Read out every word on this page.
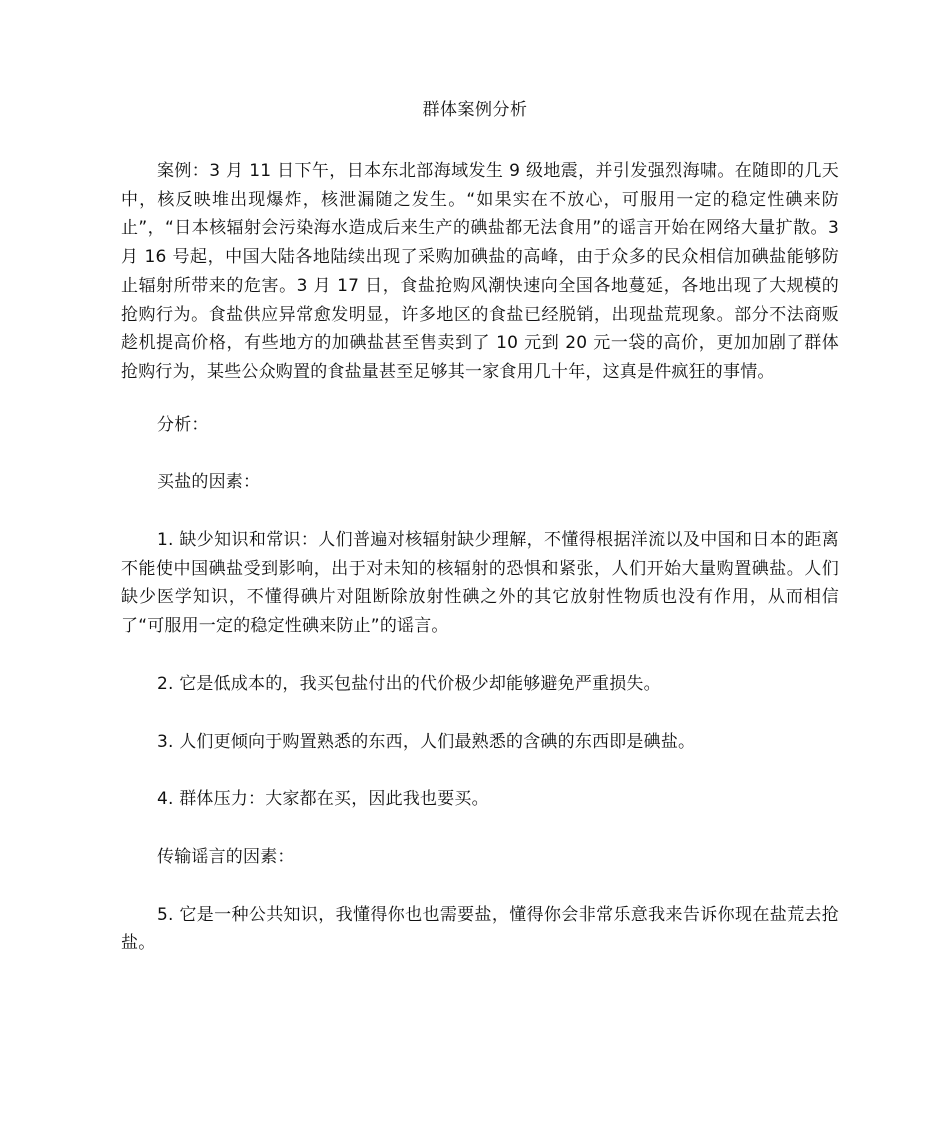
群体案例分析

案例：3 月 11 日下午，日本东北部海域发生 9 级地震，并引发强烈海啸。在随即的几天中，核反映堆出现爆炸，核泄漏随之发生。“如果实在不放心，可服用一定的稳定性碘来防止”，“日本核辐射会污染海水造成后来生产的碘盐都无法食用”的谣言开始在网络大量扩散。3 月 16 号起，中国大陆各地陆续出现了采购加碘盐的高峰，由于众多的民众相信加碘盐能够防止辐射所带来的危害。3 月 17 日，食盐抢购风潮快速向全国各地蔓延，各地出现了大规模的抢购行为。食盐供应异常愈发明显，许多地区的食盐已经脱销，出现盐荒现象。部分不法商贩趁机提高价格，有些地方的加碘盐甚至售卖到了 10 元到 20 元一袋的高价，更加加剧了群体抢购行为，某些公众购置的食盐量甚至足够其一家食用几十年，这真是件疯狂的事情。

分析：

买盐的因素：

1. 缺少知识和常识：人们普遍对核辐射缺少理解，不懂得根据洋流以及中国和日本的距离不能使中国碘盐受到影响，出于对未知的核辐射的恐惧和紧张，人们开始大量购置碘盐。人们缺少医学知识，不懂得碘片对阻断除放射性碘之外的其它放射性物质也没有作用，从而相信了“可服用一定的稳定性碘来防止”的谣言。

2. 它是低成本的，我买包盐付出的代价极少却能够避免严重损失。

3. 人们更倾向于购置熟悉的东西，人们最熟悉的含碘的东西即是碘盐。

4. 群体压力：大家都在买，因此我也要买。

传输谣言的因素：

5. 它是一种公共知识，我懂得你也也需要盐，懂得你会非常乐意我来告诉你现在盐荒去抢盐。
